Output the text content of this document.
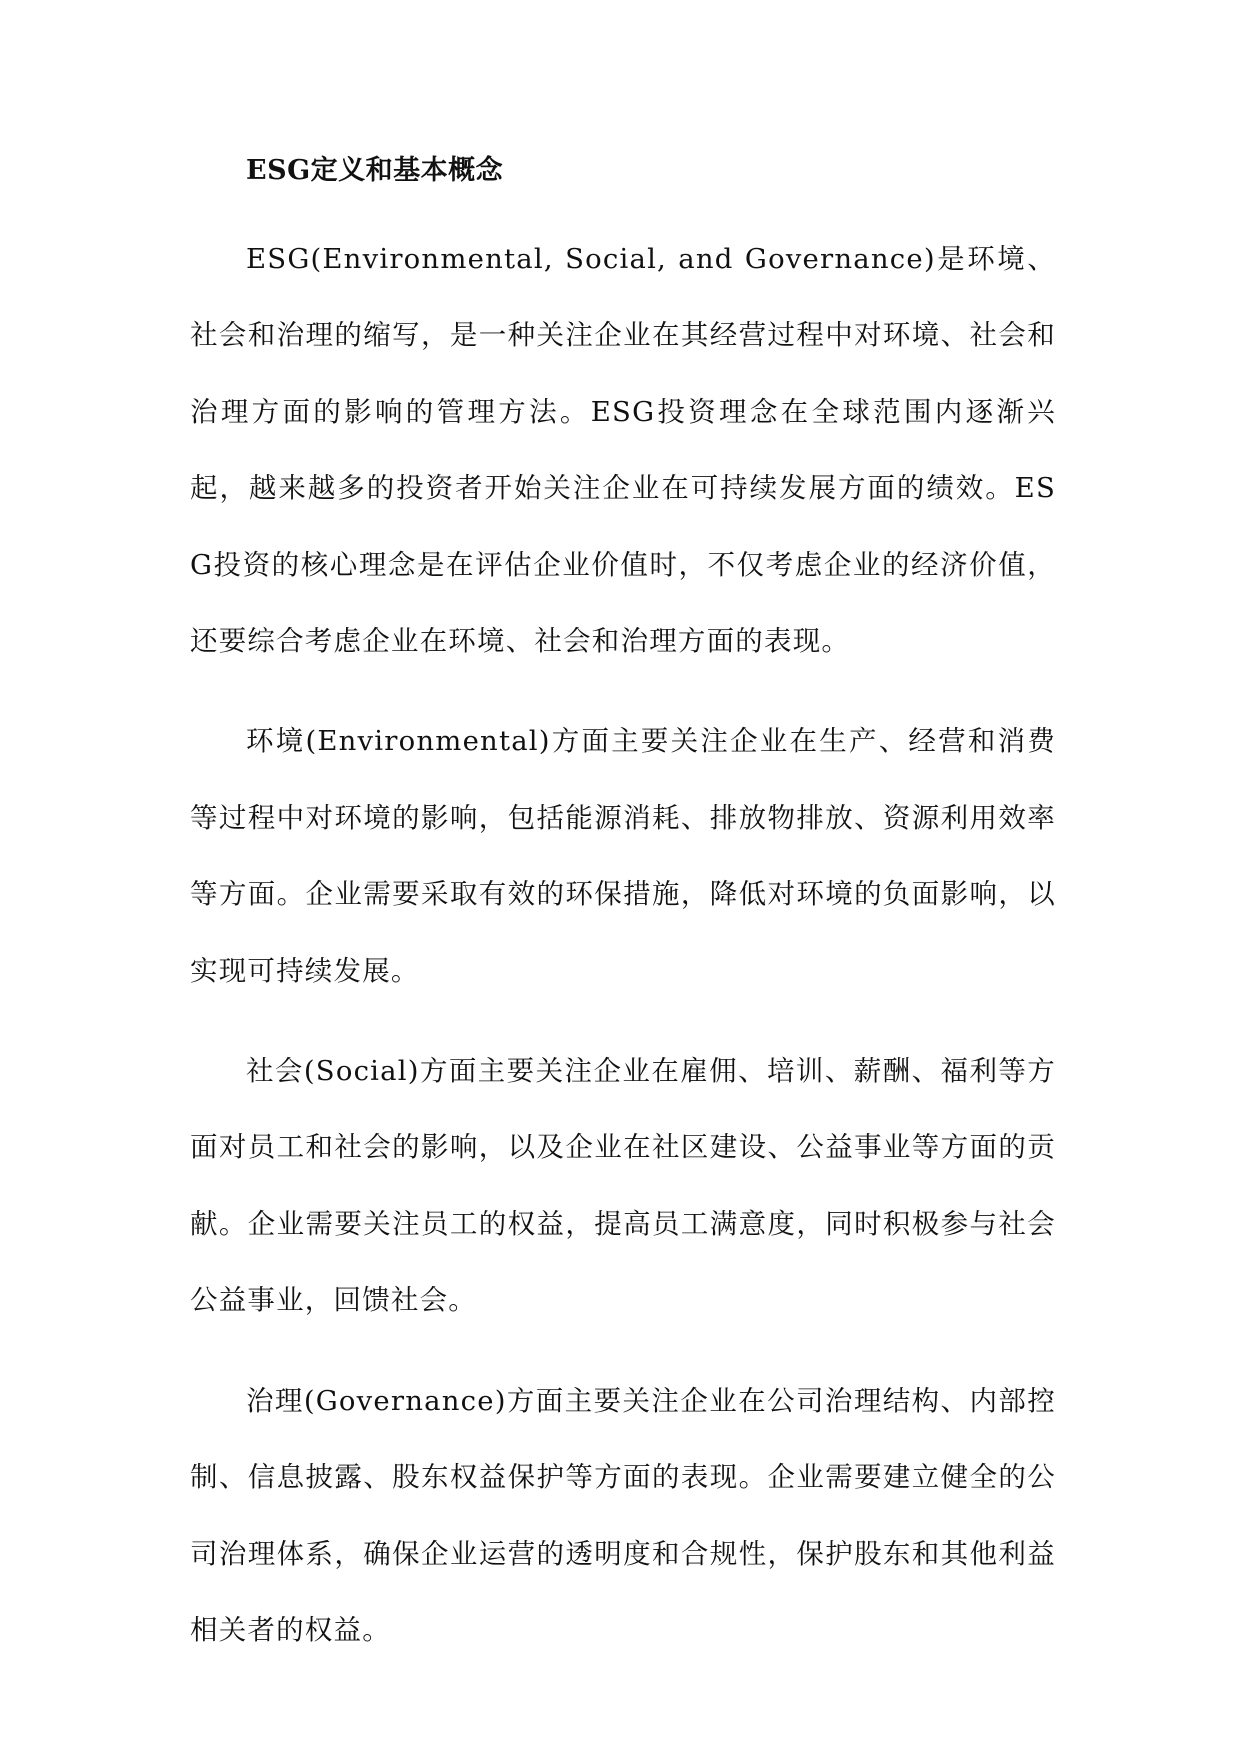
ESG定义和基本概念

ESG(Environmental, Social, and Governance)是环境、社会和治理的缩写，是一种关注企业在其经营过程中对环境、社会和治理方面的影响的管理方法。ESG投资理念在全球范围内逐渐兴起，越来越多的投资者开始关注企业在可持续发展方面的绩效。ESG投资的核心理念是在评估企业价值时，不仅考虑企业的经济价值，还要综合考虑企业在环境、社会和治理方面的表现。

环境(Environmental)方面主要关注企业在生产、经营和消费等过程中对环境的影响，包括能源消耗、排放物排放、资源利用效率等方面。企业需要采取有效的环保措施，降低对环境的负面影响，以实现可持续发展。

社会(Social)方面主要关注企业在雇佣、培训、薪酬、福利等方面对员工和社会的影响，以及企业在社区建设、公益事业等方面的贡献。企业需要关注员工的权益，提高员工满意度，同时积极参与社会公益事业，回馈社会。

治理(Governance)方面主要关注企业在公司治理结构、内部控制、信息披露、股东权益保护等方面的表现。企业需要建立健全的公司治理体系，确保企业运营的透明度和合规性，保护股东和其他利益相关者的权益。
